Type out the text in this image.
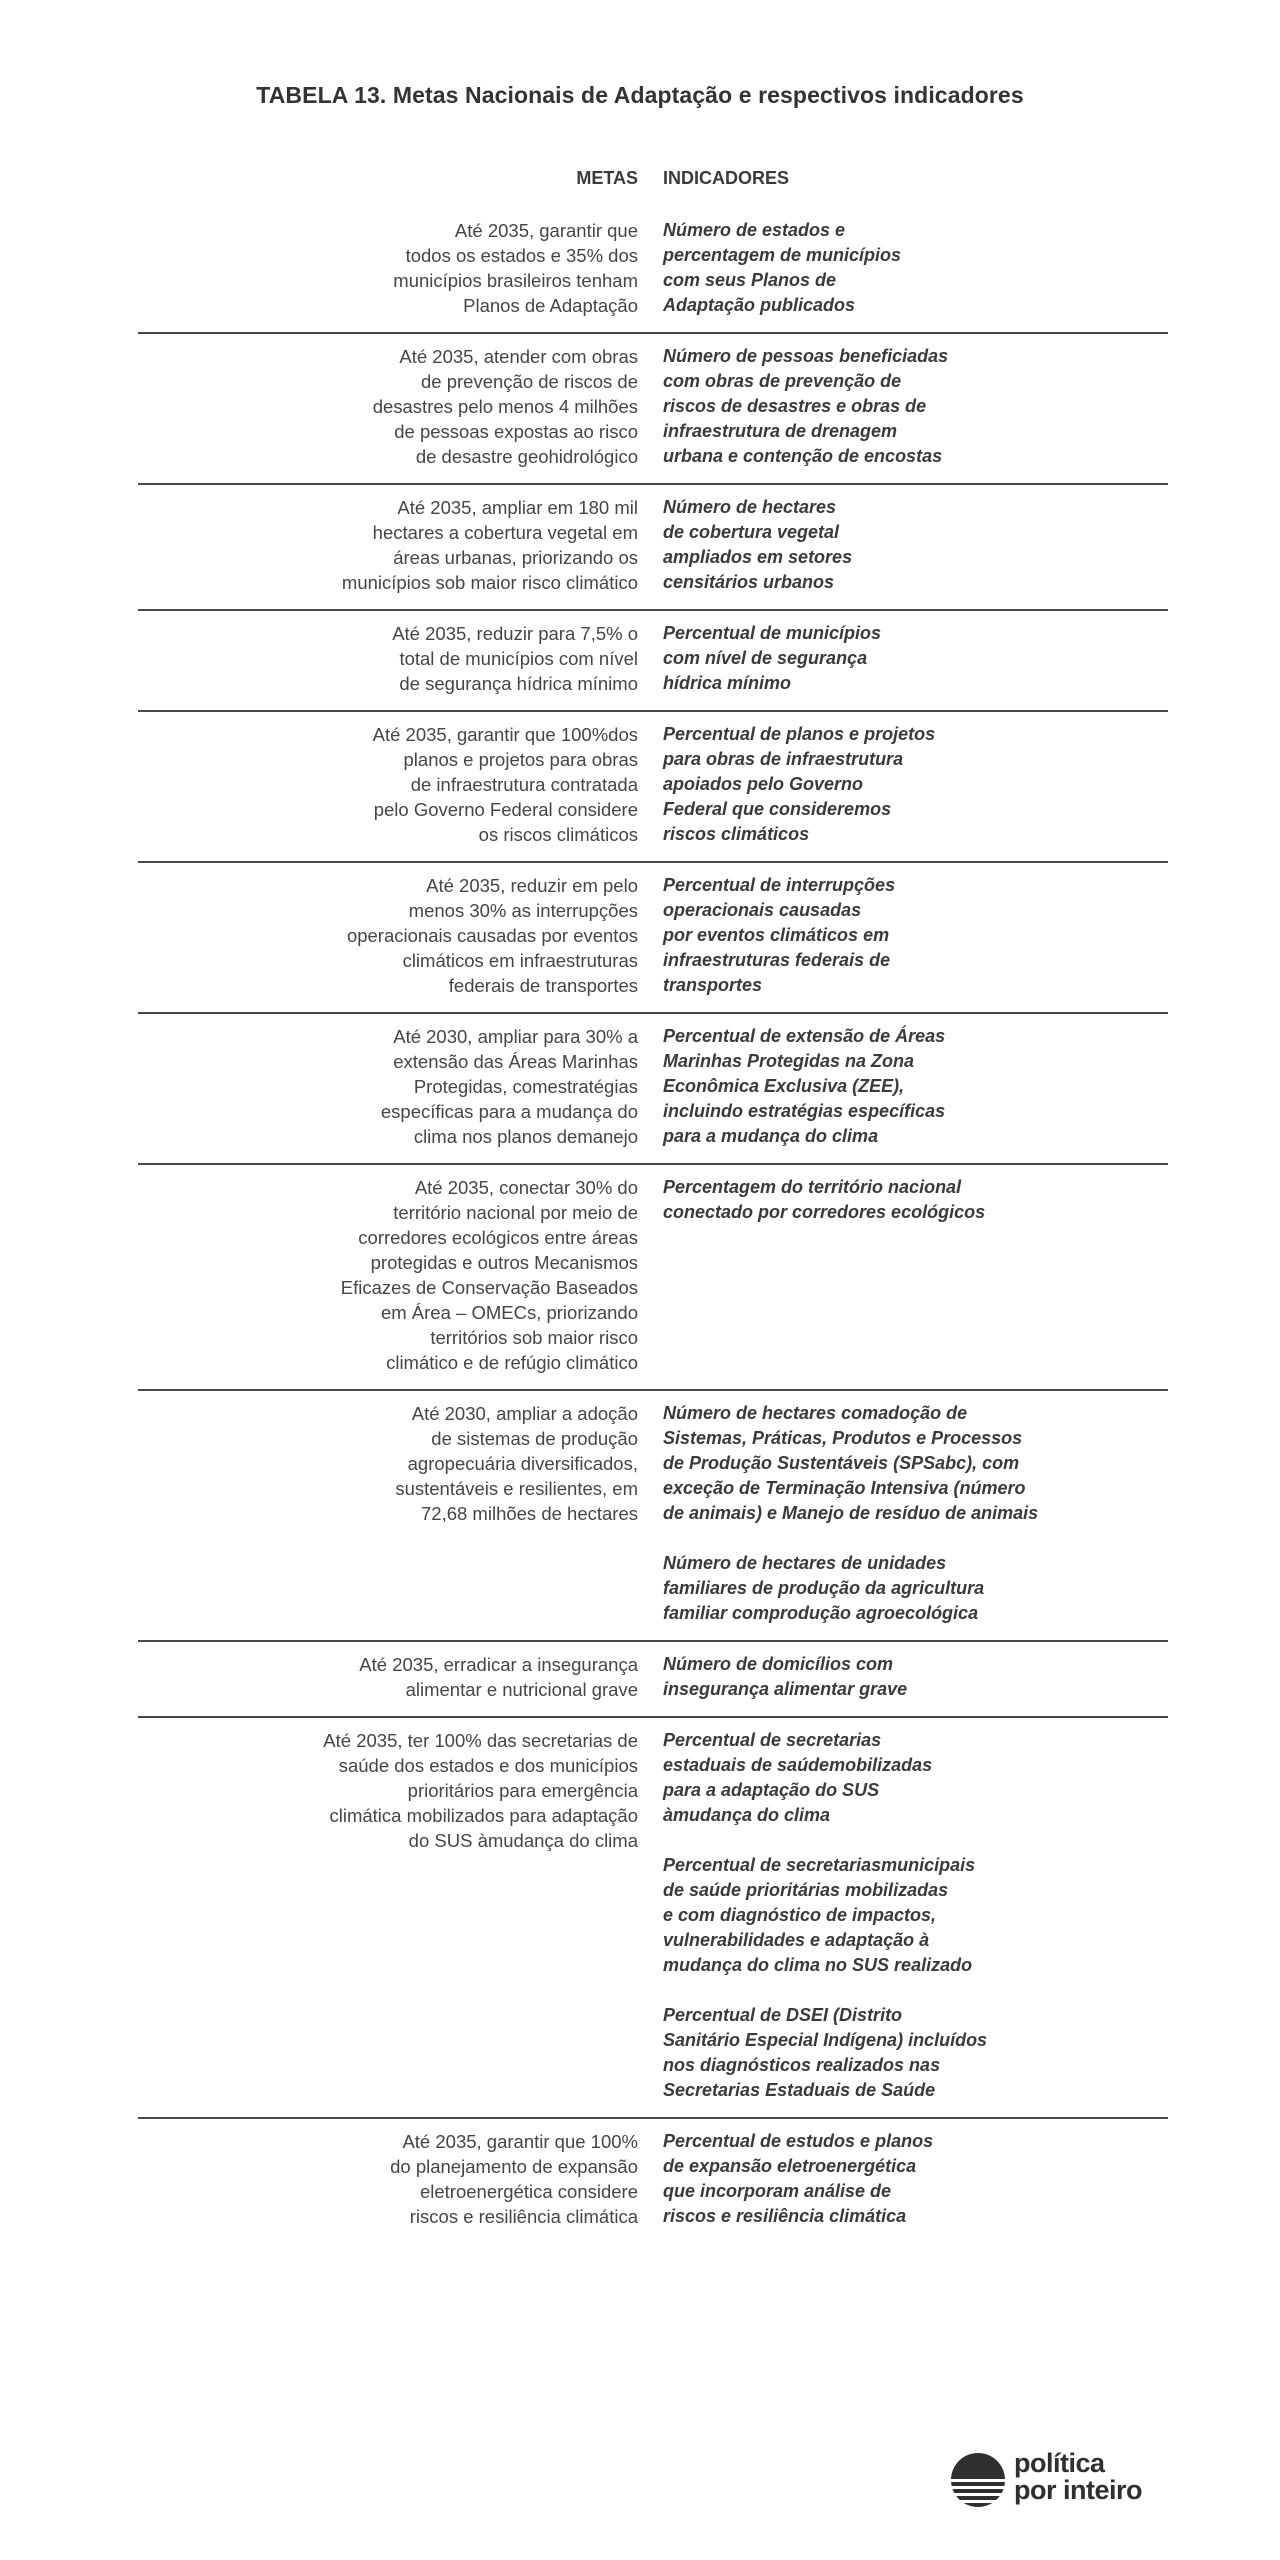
TABELA 13. Metas Nacionais de Adaptação e respectivos indicadores
METAS INDICADORES
Até 2035, garantir que
todos os estados e 35% dos
municípios brasileiros tenham
Planos de Adaptação
Número de estados e
percentagem de municípios
com seus Planos de
Adaptação publicados
Até 2035, atender com obras
de prevenção de riscos de
desastres pelo menos 4 milhões
de pessoas expostas ao risco
de desastre geohidrológico
Número de pessoas beneficiadas
com obras de prevenção de
riscos de desastres e obras de
infraestrutura de drenagem
urbana e contenção de encostas
Até 2035, ampliar em 180 mil
hectares a cobertura vegetal em
áreas urbanas, priorizando os
municípios sob maior risco climático
Número de hectares
de cobertura vegetal
ampliados em setores
censitários urbanos
Até 2035, reduzir para 7,5% o
total de municípios com nível
de segurança hídrica mínimo
Percentual de municípios
com nível de segurança
hídrica mínimo
Até 2035, garantir que 100%dos
planos e projetos para obras
de infraestrutura contratada
pelo Governo Federal considere
os riscos climáticos
Percentual de planos e projetos
para obras de infraestrutura
apoiados pelo Governo
Federal que consideremos
riscos climáticos
Até 2035, reduzir em pelo
menos 30% as interrupções
operacionais causadas por eventos
climáticos em infraestruturas
federais de transportes
Percentual de interrupções
operacionais causadas
por eventos climáticos em
infraestruturas federais de
transportes
Até 2030, ampliar para 30% a
extensão das Áreas Marinhas
Protegidas, comestratégias
específicas para a mudança do
clima nos planos demanejo
Percentual de extensão de Áreas
Marinhas Protegidas na Zona
Econômica Exclusiva (ZEE),
incluindo estratégias específicas
para a mudança do clima
Até 2035, conectar 30% do
território nacional por meio de
corredores ecológicos entre áreas
protegidas e outros Mecanismos
Eficazes de Conservação Baseados
em Área – OMECs, priorizando
territórios sob maior risco
climático e de refúgio climático
Percentagem do território nacional
conectado por corredores ecológicos
Até 2030, ampliar a adoção
de sistemas de produção
agropecuária diversificados,
sustentáveis e resilientes, em
72,68 milhões de hectares
Número de hectares comadoção de
Sistemas, Práticas, Produtos e Processos
de Produção Sustentáveis (SPSabc), com
exceção de Terminação Intensiva (número
de animais) e Manejo de resíduo de animais
Número de hectares de unidades
familiares de produção da agricultura
familiar comprodução agroecológica
Até 2035, erradicar a insegurança
alimentar e nutricional grave
Número de domicílios com
insegurança alimentar grave
Até 2035, ter 100% das secretarias de
saúde dos estados e dos municípios
prioritários para emergência
climática mobilizados para adaptação
do SUS àmudança do clima
Percentual de secretarias
estaduais de saúdemobilizadas
para a adaptação do SUS
àmudança do clima
Percentual de secretariasmunicipais
de saúde prioritárias mobilizadas
e com diagnóstico de impactos,
vulnerabilidades e adaptação à
mudança do clima no SUS realizado
Percentual de DSEI (Distrito
Sanitário Especial Indígena) incluídos
nos diagnósticos realizados nas
Secretarias Estaduais de Saúde
Até 2035, garantir que 100%
do planejamento de expansão
eletroenergética considere
riscos e resiliência climática
Percentual de estudos e planos
de expansão eletroenergética
que incorporam análise de
riscos e resiliência climática
política
por inteiro
